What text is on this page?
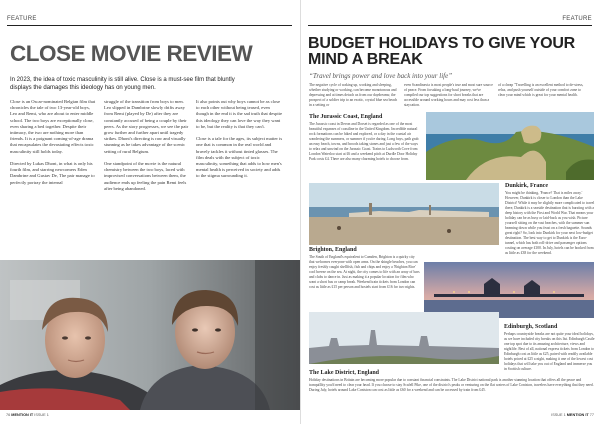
FEATURE
CLOSE MOVIE REVIEW

In 2023, the idea of toxic masculinity is still alive. Close is a must-see film that bluntly displays the damages this ideology has on young men.

Close is an Oscar-nominated Belgian film that chronicles the tale of two 13-year-old boys, Leo and Remi, who are about to enter middle school. The two boys are exceptionally close, even sharing a bed together. Despite their intimacy, the two are nothing more than friends. It is a poignant coming-of-age drama that encapsulates the devastating effects toxic masculinity still holds today.

Directed by Lukas Dhont, in what is only his fourth film, and starring newcomers Eden Dambrine and Gustav De, The pair manage to perfectly portray the internal
struggle of the transition from boys to men. Leo slipped in Dambrine slowly drifts away from Remi (played by De) after they are constantly accused of being a couple by their peers. As the story progresses, we see the pair grow further and further apart until tragedy strikes. Dhont's directing is raw and visually stunning as he takes advantage of the scenic setting of rural Belgium.

One standpoint of the movie is the natural chemistry between the two boys, laced with improvised conversations between them, the audience ends up feeling the pain Remi feels after being abandoned.
It also points out why boys cannot be as close to each other without being teased, even though in the end it is the sad truth that despite this ideology they can love the way they want to be, but the reality is that they can't.

Close is a tale for the ages, its subject matter is one that is common in the real world and bravely tackles it without tinted glasses. The film deals with the subject of toxic masculinity, something that adds to how men's mental health is perceived in society and adds to the stigma surrounding it.
76 MENTION IT ISSUE 1
FEATURE
BUDGET HOLIDAYS TO GIVE YOUR MIND A BREAK
“Travel brings power and love back into your life”
The negative cycle of waking up, working and sleeping, whether studying or working, can become monotonous and depressing and at times detach us from our daydreams; the prospect of a soldier trip to an exotic, crystal blue sea beach in a setting or
even Scandinavia is most people's true and most sure source of peace. From forsaking a long-haul journey, we've compiled our top suggestions for short breaks that are accessible around working hours and may cost less than a staycation.
of a cheap "Travelling is an excellent method to de-stress, relax, and push yourself outside of your comfort zone to clear your mind which is great for your mental health.
The Jurassic Coast, England
The Jurassic coast in Devon and Dorset is regarded as one of the most beautiful expanses of coastline in the United Kingdom. Incredible natural rock formations can be hiked and explored, or a day in the coastal air wandering the summers, or summer if you're daring. Long bays, path grab an easy beach, towns, and broods taking stones and just a few of the ways to relax and unwind on the Jurassic Coast. Trains to Ludworth Cove from London Waterloo start at £6 and a weekend pitch at Durdle Door Holiday Park costs £4. There are also many charming hotels to choose from.
Dunkirk, France
You might be thinking, 'France? That is miles away.' However, Dunkirk is closer to London than the Lake District! While it may be slightly more complicated to travel there, Dunkirk is a seaside destination that is bursting with a deep history with the First and World War. That means your holiday can be as busy or laid-back as you wish. Picture yourself sitting on the vast beaches, with the summer sun beaming down while you feast on a fresh baguette. Sounds great right? So, look into Dunkirk for your next low-budget destination. The best way to get to Dunkirk is the Euro-tunnel, which has both roll-drive and passenger options costing on average £100. In July, hotels can be booked from as little as £38 for the weekend.
Brighton, England
The South of England's equivalent to Camden, Brighton is a quirky city that welcomes everyone with open arms. On the shingle beaches, you can enjoy freshly caught shellfish, fish and chips and enjoy a 'Brighton Rice' cool breeze on the sea. At night, the city comes to life with an array of bars and clubs to dance in. Just as making it a popular location for film who want a short bus or camp break. Weekend train tickets from London can cost as little as £15 per person and hostels start from £16 for two nights.
Edinburgh, Scotland
Perhaps countryside breaks are not quite your ideal holidays, as we have included city breaks on this list. Edinburgh Castle one top spot due to its amazing architecture, views and nightlife. Best of all, national express tickets from London to Edinburgh cost as little as £25, paired with readily available hotels priced at £25 a night, making it one of the lowest cost holidays that will take you out of England and immerse you in Scottish culture.
The Lake District, England
Holiday destinations in Britain are becoming more popular due to constant financial constraints. The Lake District national park is another stunning location that offers all the peace and tranquillity you'd need to clear your head. If you choose to stay Scafell Pike, one of the district's peaks or venturing on the flat waters of Lake Coniston, travelers have everything that they need. During July, hotels around Lake Coniston can cost as little as £60 for a weekend and can be accessed by train from £45.
ISSUE 1 MENTION IT 77
